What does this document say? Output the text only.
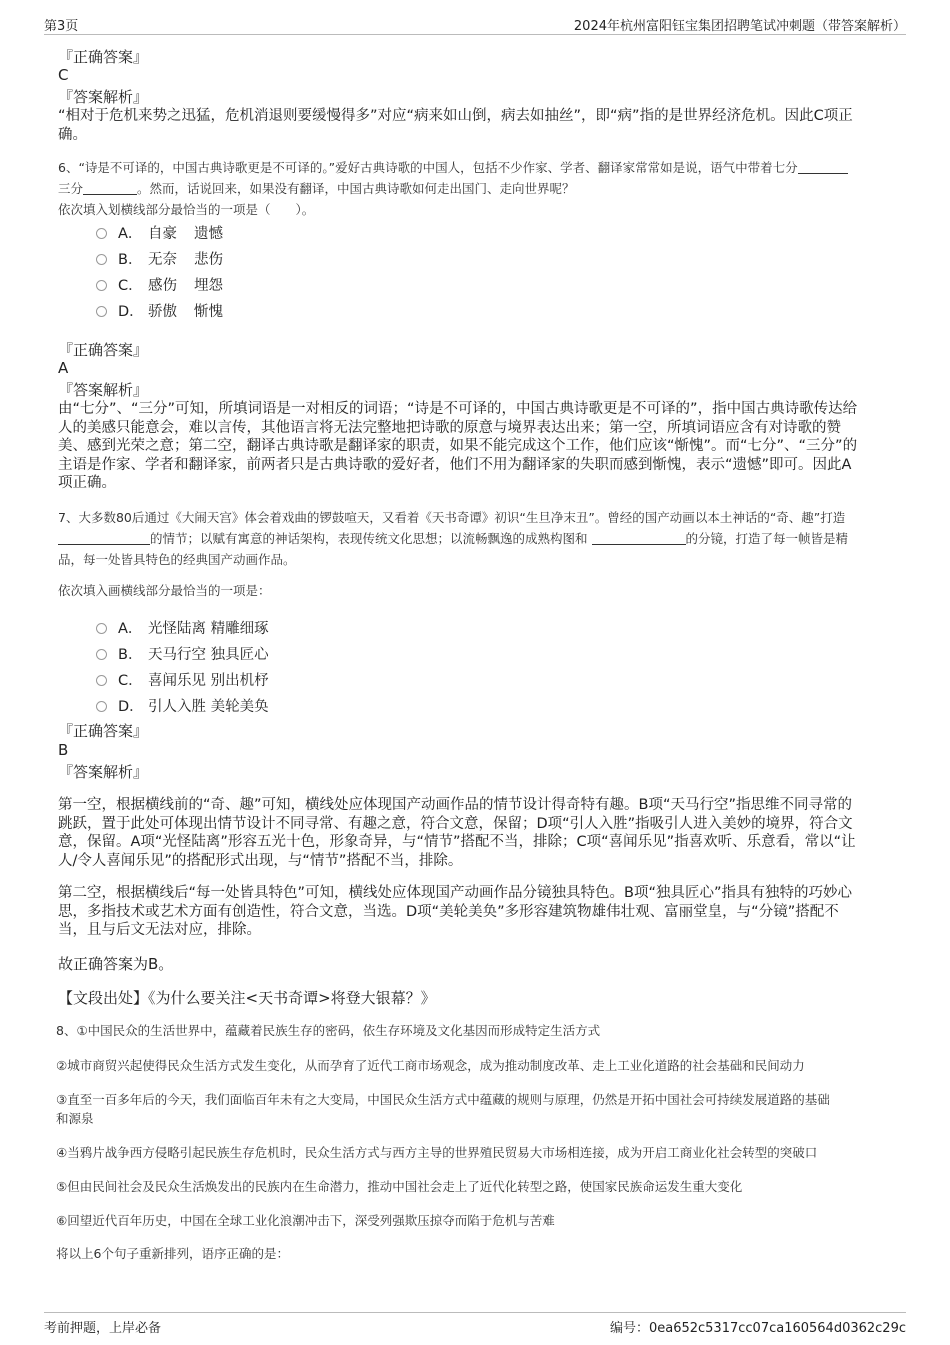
第3页	2024年杭州富阳钰宝集团招聘笔试冲刺题（带答案解析）
『正确答案』
C
『答案解析』
“相对于危机来势之迅猛，危机消退则要缓慢得多”对应“病来如山倒，病去如抽丝”，即“病”指的是世界经济危机。因此C项正
确。
6、“诗是不可译的，中国古典诗歌更是不可译的。”爱好古典诗歌的中国人，包括不少作家、学者、翻译家常常如是说，语气中带着七分
三分	。然而，话说回来，如果没有翻译，中国古典诗歌如何走出国门、走向世界呢？
依次填入划横线部分最恰当的一项是（　　）。
A． 自豪 遗憾
B． 无奈 悲伤
C． 感伤 埋怨
D． 骄傲 惭愧
『正确答案』
A
『答案解析』
由“七分”、“三分”可知，所填词语是一对相反的词语；“诗是不可译的，中国古典诗歌更是不可译的”，指中国古典诗歌传达给
人的美感只能意会，难以言传，其他语言将无法完整地把诗歌的原意与境界表达出来；第一空，所填词语应含有对诗歌的赞
美、感到光荣之意；第二空，翻译古典诗歌是翻译家的职责，如果不能完成这个工作，他们应该“惭愧”。而“七分”、“三分”的
主语是作家、学者和翻译家，前两者只是古典诗歌的爱好者，他们不用为翻译家的失职而感到惭愧，表示“遗憾”即可。因此A
项正确。
7、大多数80后通过《大闹天宫》体会着戏曲的锣鼓喧天，又看着《天书奇谭》初识“生旦净末丑”。曾经的国产动画以本土神话的“奇、趣”打造
的情节；以赋有寓意的神话架构，表现传统文化思想；以流畅飘逸的成熟构图和	的分镜，打造了每一帧皆是精
品，每一处皆具特色的经典国产动画作品。
依次填入画横线部分最恰当的一项是：
A． 光怪陆离 精雕细琢
B． 天马行空 独具匠心
C． 喜闻乐见 别出机杼
D． 引人入胜 美轮美奂
『正确答案』
B
『答案解析』
第一空，根据横线前的“奇、趣”可知，横线处应体现国产动画作品的情节设计得奇特有趣。B项“天马行空”指思维不同寻常的
跳跃，置于此处可体现出情节设计不同寻常、有趣之意，符合文意，保留；D项“引人入胜”指吸引人进入美妙的境界，符合文
意，保留。A项“光怪陆离”形容五光十色，形象奇异，与“情节”搭配不当，排除；C项“喜闻乐见”指喜欢听、乐意看，常以“让
人/令人喜闻乐见”的搭配形式出现，与“情节”搭配不当，排除。
第二空，根据横线后“每一处皆具特色”可知，横线处应体现国产动画作品分镜独具特色。B项“独具匠心”指具有独特的巧妙心
思，多指技术或艺术方面有创造性，符合文意，当选。D项“美轮美奂”多形容建筑物雄伟壮观、富丽堂皇，与“分镜”搭配不
当，且与后文无法对应，排除。
故正确答案为B。
【文段出处】《为什么要关注<天书奇谭>将登大银幕？》
8、①中国民众的生活世界中，蕴藏着民族生存的密码，依生存环境及文化基因而形成特定生活方式
②城市商贸兴起使得民众生活方式发生变化，从而孕育了近代工商市场观念，成为推动制度改革、走上工业化道路的社会基础和民间动力
③直至一百多年后的今天，我们面临百年未有之大变局，中国民众生活方式中蕴藏的规则与原理，仍然是开拓中国社会可持续发展道路的基础
和源泉
④当鸦片战争西方侵略引起民族生存危机时，民众生活方式与西方主导的世界殖民贸易大市场相连接，成为开启工商业化社会转型的突破口
⑤但由民间社会及民众生活焕发出的民族内在生命潜力，推动中国社会走上了近代化转型之路，使国家民族命运发生重大变化
⑥回望近代百年历史，中国在全球工业化浪潮冲击下，深受列强欺压掠夺而陷于危机与苦难
将以上6个句子重新排列，语序正确的是：
考前押题，上岸必备	编号：0ea652c5317cc07ca160564d0362c29c
